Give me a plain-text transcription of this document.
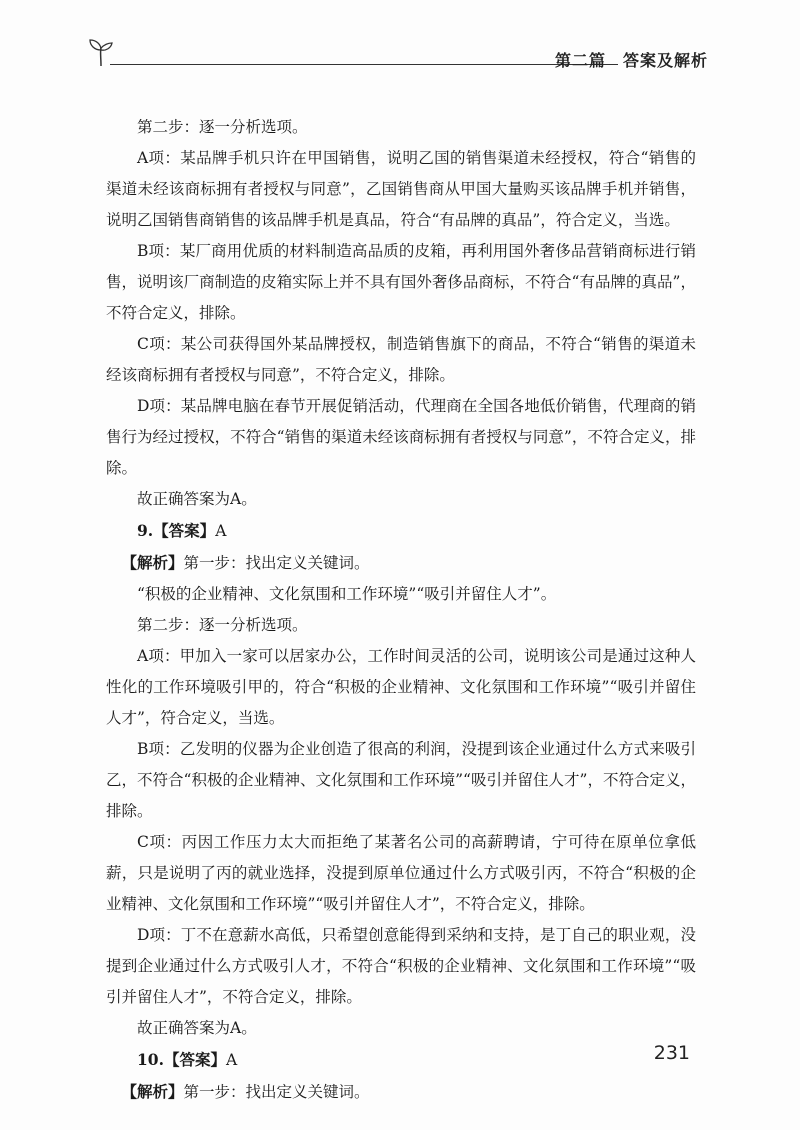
第二篇　答案及解析

第二步：逐一分析选项。

A项：某品牌手机只许在甲国销售，说明乙国的销售渠道未经授权，符合“销售的渠道未经该商标拥有者授权与同意”，乙国销售商从甲国大量购买该品牌手机并销售，说明乙国销售商销售的该品牌手机是真品，符合“有品牌的真品”，符合定义，当选。

B项：某厂商用优质的材料制造高品质的皮箱，再利用国外奢侈品营销商标进行销售，说明该厂商制造的皮箱实际上并不具有国外奢侈品商标，不符合“有品牌的真品”，不符合定义，排除。

C项：某公司获得国外某品牌授权，制造销售旗下的商品，不符合“销售的渠道未经该商标拥有者授权与同意”，不符合定义，排除。

D项：某品牌电脑在春节开展促销活动，代理商在全国各地低价销售，代理商的销售行为经过授权，不符合“销售的渠道未经该商标拥有者授权与同意”，不符合定义，排除。

故正确答案为A。

9.【答案】A

【解析】第一步：找出定义关键词。

“积极的企业精神、文化氛围和工作环境”“吸引并留住人才”。

第二步：逐一分析选项。

A项：甲加入一家可以居家办公，工作时间灵活的公司，说明该公司是通过这种人性化的工作环境吸引甲的，符合“积极的企业精神、文化氛围和工作环境”“吸引并留住人才”，符合定义，当选。

B项：乙发明的仪器为企业创造了很高的利润，没提到该企业通过什么方式来吸引乙，不符合“积极的企业精神、文化氛围和工作环境”“吸引并留住人才”，不符合定义，排除。

C项：丙因工作压力太大而拒绝了某著名公司的高薪聘请，宁可待在原单位拿低薪，只是说明了丙的就业选择，没提到原单位通过什么方式吸引丙，不符合“积极的企业精神、文化氛围和工作环境”“吸引并留住人才”，不符合定义，排除。

D项：丁不在意薪水高低，只希望创意能得到采纳和支持，是丁自己的职业观，没提到企业通过什么方式吸引人才，不符合“积极的企业精神、文化氛围和工作环境”“吸引并留住人才”，不符合定义，排除。

故正确答案为A。

10.【答案】A

【解析】第一步：找出定义关键词。

231
